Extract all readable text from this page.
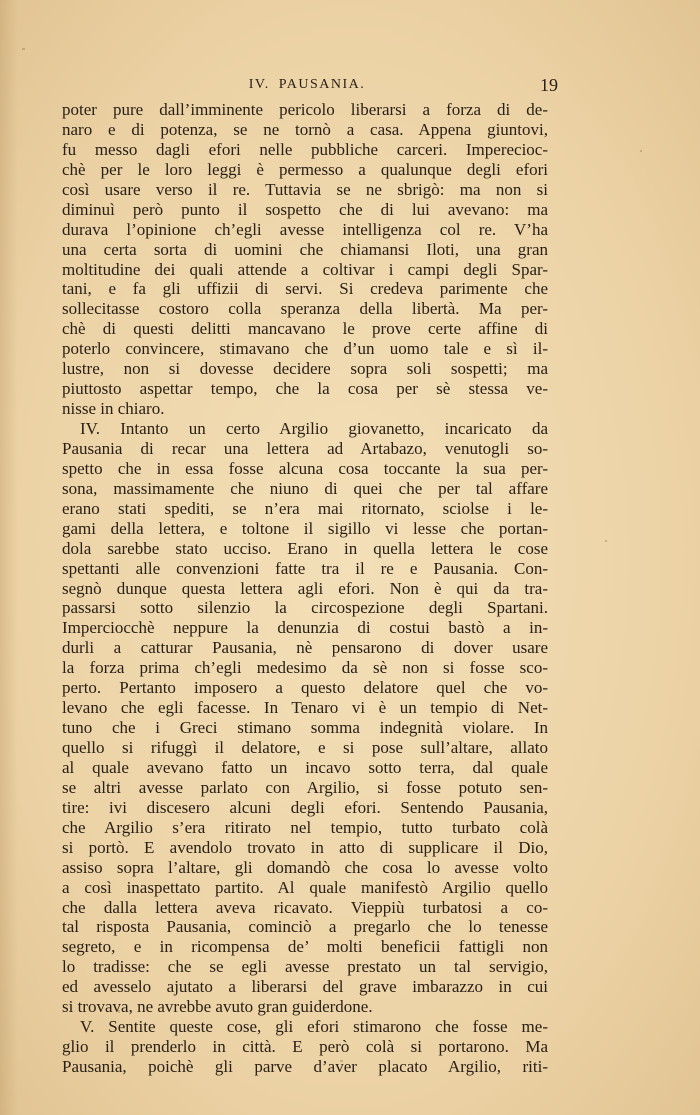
IV. PAUSANIA.	19
poter pure dall’imminente pericolo liberarsi a forza di de-
naro e di potenza, se ne tornò a casa. Appena giuntovi,
fu messo dagli efori nelle pubbliche carceri. Imperecioc-
chè per le loro leggi è permesso a qualunque degli efori
così usare verso il re. Tuttavia se ne sbrigò: ma non si
diminuì però punto il sospetto che di lui avevano: ma
durava l’opinione ch’egli avesse intelligenza col re. V’ha
una certa sorta di uomini che chiamansi Iloti, una gran
moltitudine dei quali attende a coltivar i campi degli Spar-
tani, e fa gli uffizii di servi. Si credeva parimente che
sollecitasse costoro colla speranza della libertà. Ma per-
chè di questi delitti mancavano le prove certe affine di
poterlo convincere, stimavano che d’un uomo tale e sì il-
lustre, non si dovesse decidere sopra soli sospetti; ma
piuttosto aspettar tempo, che la cosa per sè stessa ve-
nisse in chiaro.
IV. Intanto un certo Argilio giovanetto, incaricato da
Pausania di recar una lettera ad Artabazo, venutogli so-
spetto che in essa fosse alcuna cosa toccante la sua per-
sona, massimamente che niuno di quei che per tal affare
erano stati spediti, se n’era mai ritornato, sciolse i le-
gami della lettera, e toltone il sigillo vi lesse che portan-
dola sarebbe stato ucciso. Erano in quella lettera le cose
spettanti alle convenzioni fatte tra il re e Pausania. Con-
segnò dunque questa lettera agli efori. Non è qui da tra-
passarsi sotto silenzio la circospezione degli Spartani.
Imperciocchè neppure la denunzia di costui bastò a in-
durli a catturar Pausania, nè pensarono di dover usare
la forza prima ch’egli medesimo da sè non si fosse sco-
perto. Pertanto imposero a questo delatore quel che vo-
levano che egli facesse. In Tenaro vi è un tempio di Net-
tuno che i Greci stimano somma indegnità violare. In
quello si rifuggì il delatore, e si pose sull’altare, allato
al quale avevano fatto un incavo sotto terra, dal quale
se altri avesse parlato con Argilio, si fosse potuto sen-
tire: ivi discesero alcuni degli efori. Sentendo Pausania,
che Argilio s’era ritirato nel tempio, tutto turbato colà
si portò. E avendolo trovato in atto di supplicare il Dio,
assiso sopra l’altare, gli domandò che cosa lo avesse volto
a così inaspettato partito. Al quale manifestò Argilio quello
che dalla lettera aveva ricavato. Vieppiù turbatosi a co-
tal risposta Pausania, cominciò a pregarlo che lo tenesse
segreto, e in ricompensa de’ molti beneficii fattigli non
lo tradisse: che se egli avesse prestato un tal servigio,
ed avesselo ajutato a liberarsi del grave imbarazzo in cui
si trovava, ne avrebbe avuto gran guiderdone.
V. Sentite queste cose, gli efori stimarono che fosse me-
glio il prenderlo in città. E però colà si portarono. Ma
Pausania, poichè gli parve d’aver placato Argilio, riti-
